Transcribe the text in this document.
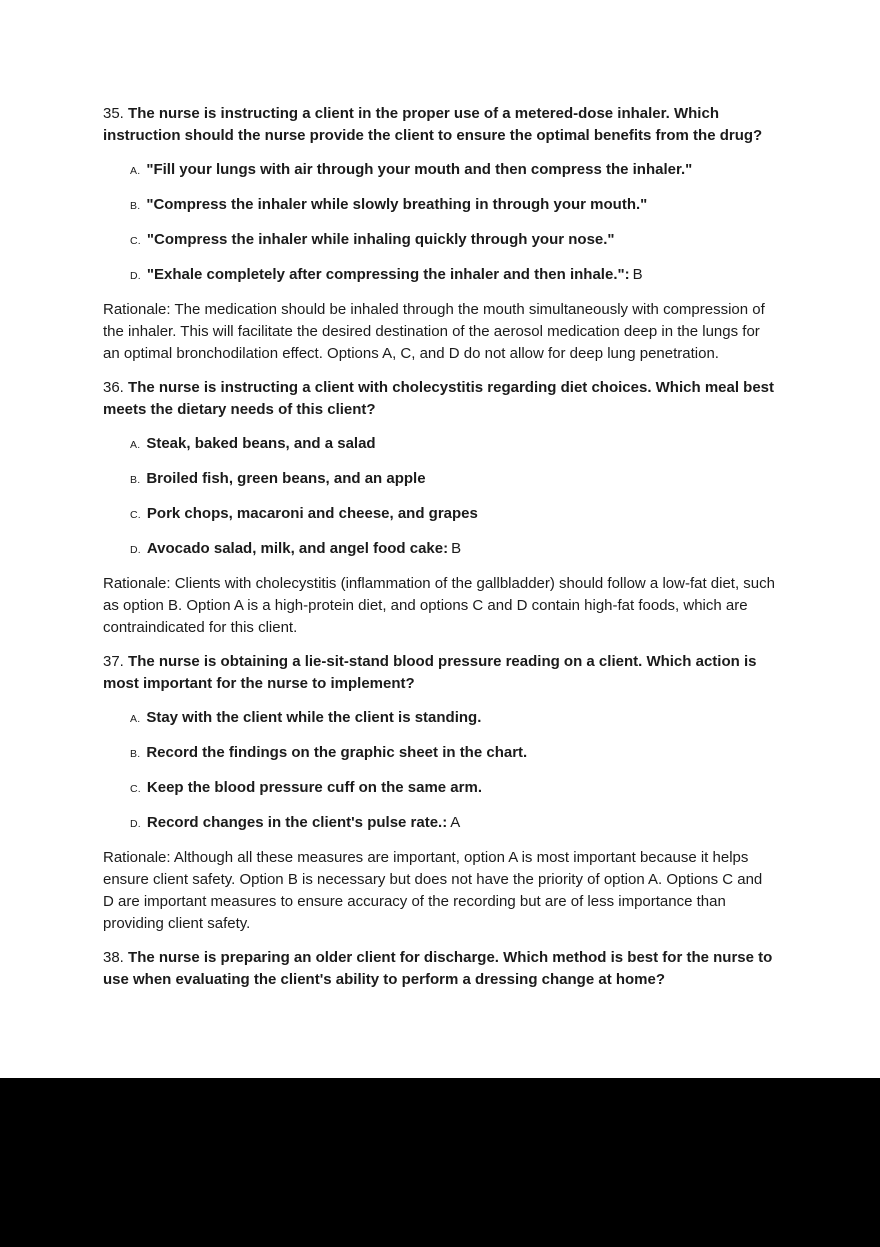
35. The nurse is instructing a client in the proper use of a metered-dose inhaler. Which instruction should the nurse provide the client to ensure the optimal benefits from the drug?

A. "Fill your lungs with air through your mouth and then compress the inhaler."
B. "Compress the inhaler while slowly breathing in through your mouth."
C. "Compress the inhaler while inhaling quickly through your nose."
D. "Exhale completely after compressing the inhaler and then inhale.": B

Rationale: The medication should be inhaled through the mouth simultaneously with compression of the inhaler. This will facilitate the desired destination of the aerosol medication deep in the lungs for an optimal bronchodilation effect. Options A, C, and D do not allow for deep lung penetration.

36. The nurse is instructing a client with cholecystitis regarding diet choices. Which meal best meets the dietary needs of this client?

A. Steak, baked beans, and a salad
B. Broiled fish, green beans, and an apple
C. Pork chops, macaroni and cheese, and grapes
D. Avocado salad, milk, and angel food cake: B

Rationale: Clients with cholecystitis (inflammation of the gallbladder) should follow a low-fat diet, such as option B. Option A is a high-protein diet, and options C and D contain high-fat foods, which are contraindicated for this client.

37. The nurse is obtaining a lie-sit-stand blood pressure reading on a client. Which action is most important for the nurse to implement?

A. Stay with the client while the client is standing.
B. Record the findings on the graphic sheet in the chart.
C. Keep the blood pressure cuff on the same arm.
D. Record changes in the client's pulse rate.: A

Rationale: Although all these measures are important, option A is most important because it helps ensure client safety. Option B is necessary but does not have the priority of option A. Options C and D are important measures to ensure accuracy of the recording but are of less importance than providing client safety.

38. The nurse is preparing an older client for discharge. Which method is best for the nurse to use when evaluating the client's ability to perform a dressing change at home?
